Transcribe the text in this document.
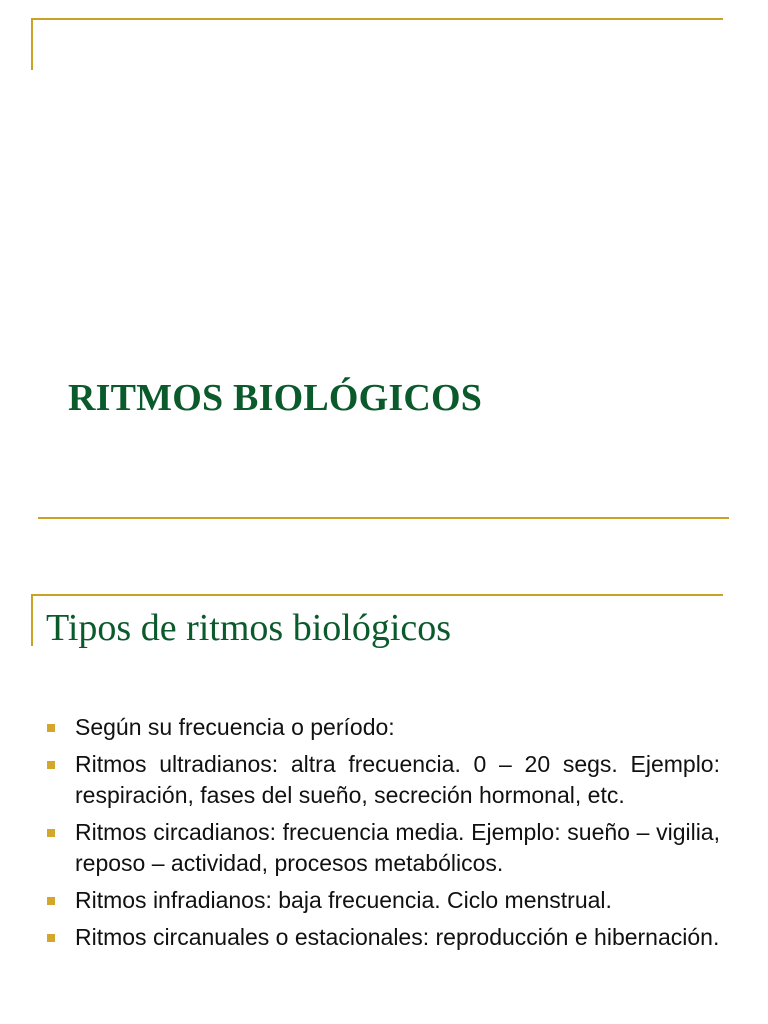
RITMOS BIOLÓGICOS
Tipos de ritmos biológicos
Según su frecuencia o período:
Ritmos ultradianos: altra frecuencia. 0 – 20 segs. Ejemplo: respiración, fases del sueño, secreción hormonal, etc.
Ritmos circadianos: frecuencia media. Ejemplo: sueño – vigilia, reposo – actividad, procesos metabólicos.
Ritmos infradianos: baja frecuencia. Ciclo menstrual.
Ritmos circanuales o estacionales: reproducción e hibernación.
